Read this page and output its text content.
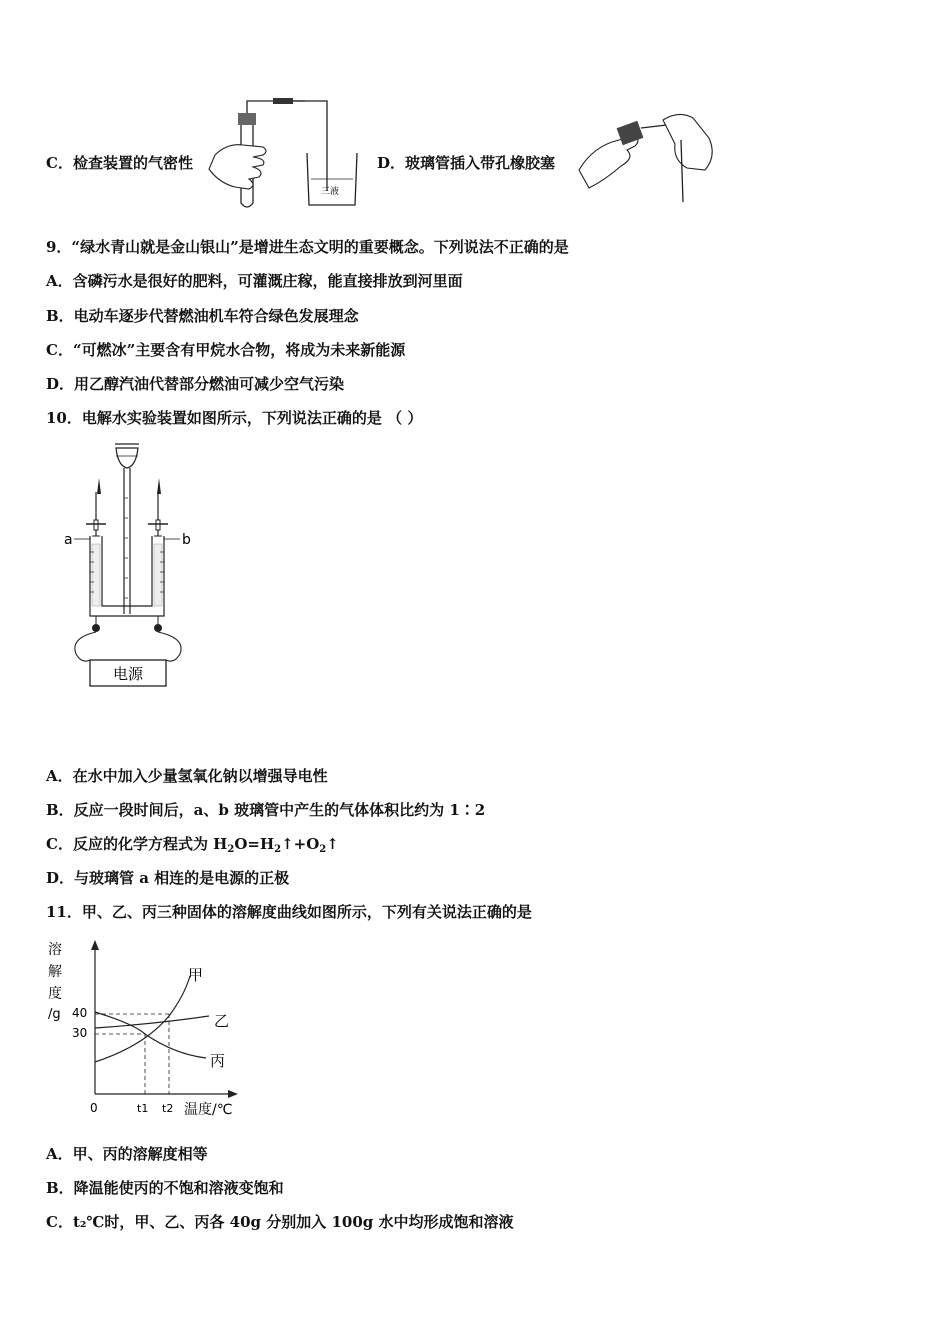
C．检查装置的气密性
三液
D．玻璃管插入带孔橡胶塞
9．“绿水青山就是金山银山”是增进生态文明的重要概念。下列说法不正确的是
A．含磷污水是很好的肥料，可灌溉庄稼，能直接排放到河里面
B．电动车逐步代替燃油机车符合绿色发展理念
C．“可燃冰”主要含有甲烷水合物，将成为未来新能源
D．用乙醇汽油代替部分燃油可减少空气污染
10．电解水实验装置如图所示，下列说法正确的是 （ ）
电源
a	b
A．在水中加入少量氢氧化钠以增强导电性
B．反应一段时间后，a、b 玻璃管中产生的气体体积比约为 1∶2
C．反应的化学方程式为 $H_2O=H_2↑+O_2↑$
D．与玻璃管 a 相连的是电源的正极
11．甲、乙、丙三种固体的溶解度曲线如图所示，下列有关说法正确的是
溶
解
度
/g 40
30
0	t1 t2 温度/℃
甲
乙
丙
A．甲、丙的溶解度相等
B．降温能使丙的不饱和溶液变饱和
C．t₂℃时，甲、乙、丙各 40g 分别加入 100g 水中均形成饱和溶液
